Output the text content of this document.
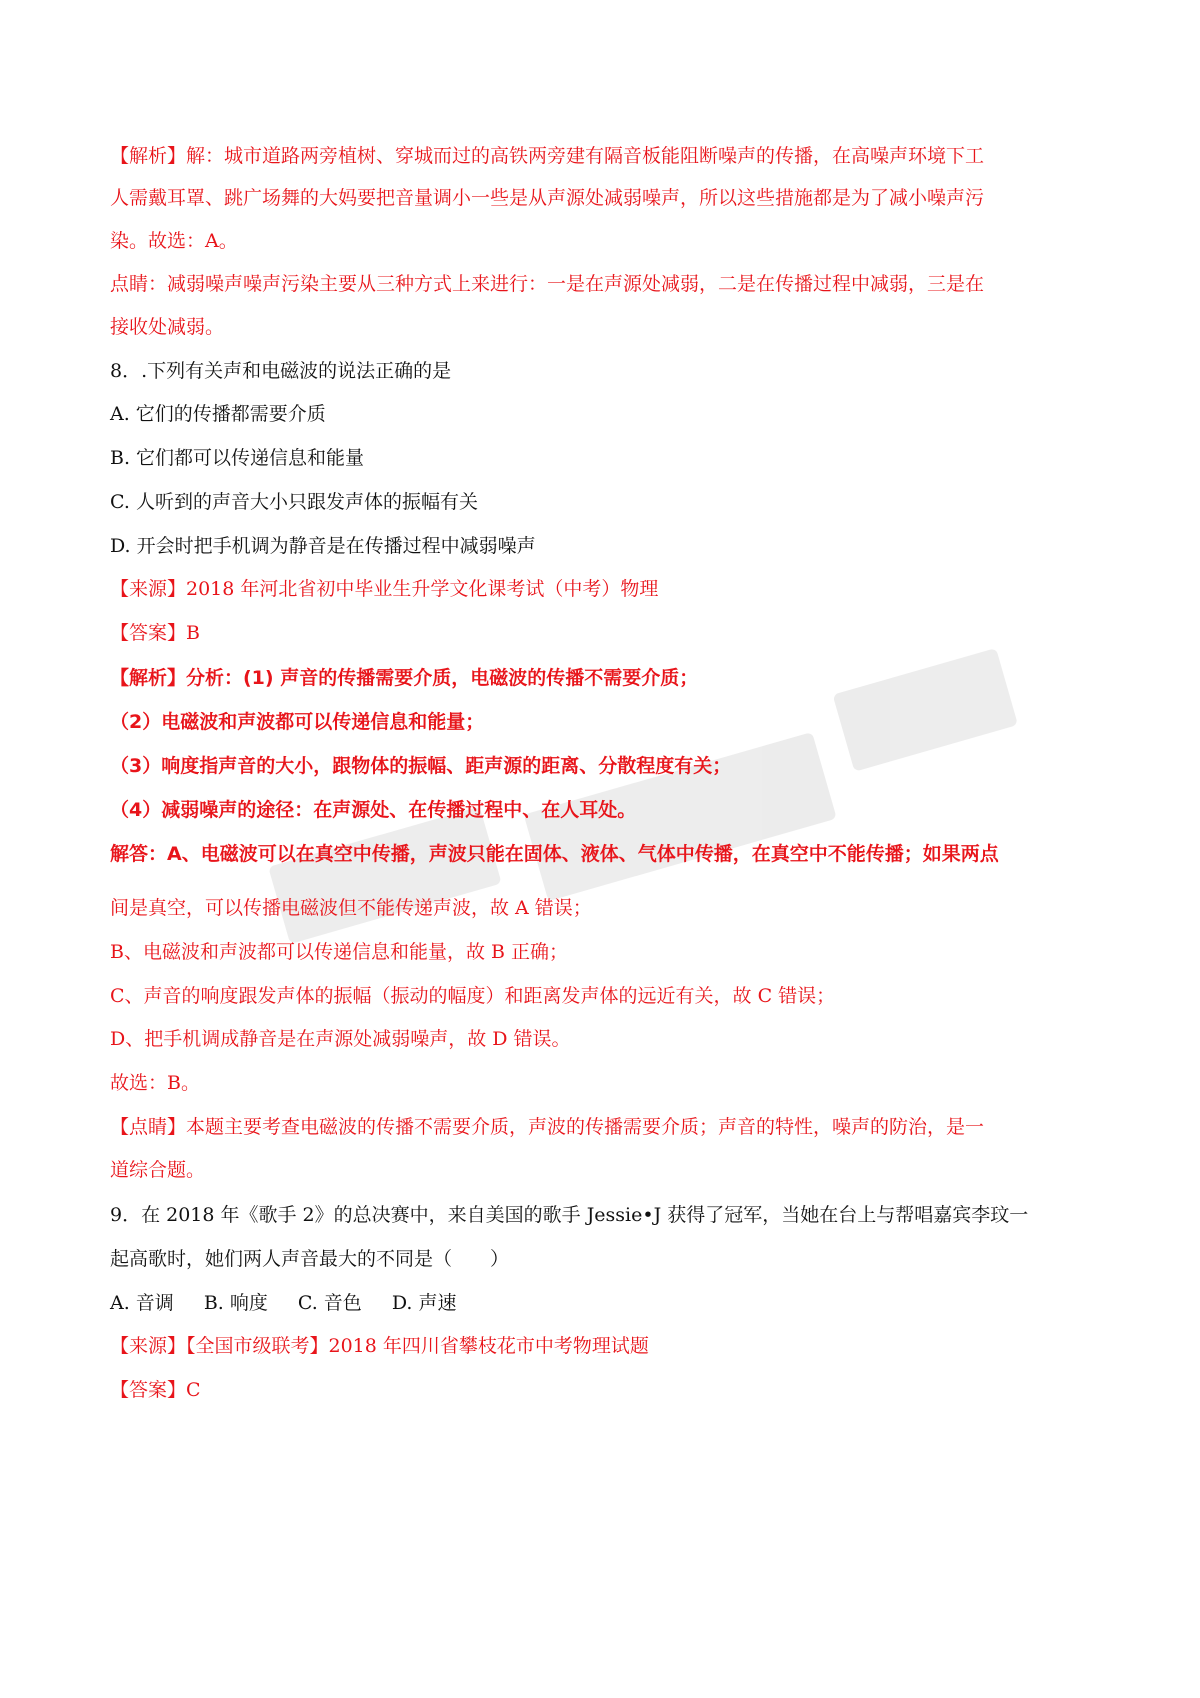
【解析】解：城市道路两旁植树、穿城而过的高铁两旁建有隔音板能阻断噪声的传播，在高噪声环境下工
人需戴耳罩、跳广场舞的大妈要把音量调小一些是从声源处减弱噪声，所以这些措施都是为了减小噪声污
染。故选：A。
点睛：减弱噪声噪声污染主要从三种方式上来进行：一是在声源处减弱，二是在传播过程中减弱，三是在
接收处减弱。
8．.下列有关声和电磁波的说法正确的是
A. 它们的传播都需要介质
B. 它们都可以传递信息和能量
C. 人听到的声音大小只跟发声体的振幅有关
D. 开会时把手机调为静音是在传播过程中减弱噪声
【来源】2018 年河北省初中毕业生升学文化课考试（中考）物理
【答案】B
【解析】分析：(1) 声音的传播需要介质，电磁波的传播不需要介质；
（2）电磁波和声波都可以传递信息和能量；
（3）响度指声音的大小，跟物体的振幅、距声源的距离、分散程度有关；
（4）减弱噪声的途径：在声源处、在传播过程中、在人耳处。
解答：A、电磁波可以在真空中传播，声波只能在固体、液体、气体中传播，在真空中不能传播；如果两点
间是真空，可以传播电磁波但不能传递声波，故 A 错误；
B、电磁波和声波都可以传递信息和能量，故 B 正确；
C、声音的响度跟发声体的振幅（振动的幅度）和距离发声体的远近有关，故 C 错误；
D、把手机调成静音是在声源处减弱噪声，故 D 错误。
故选：B。
【点睛】本题主要考查电磁波的传播不需要介质，声波的传播需要介质；声音的特性，噪声的防治，是一
道综合题。
9．在 2018 年《歌手 2》的总决赛中，来自美国的歌手 Jessie•J 获得了冠军，当她在台上与帮唱嘉宾李玟一
起高歌时，她们两人声音最大的不同是（　　）
A. 音调 B. 响度 C. 音色 D. 声速
【来源】【全国市级联考】2018 年四川省攀枝花市中考物理试题
【答案】C
